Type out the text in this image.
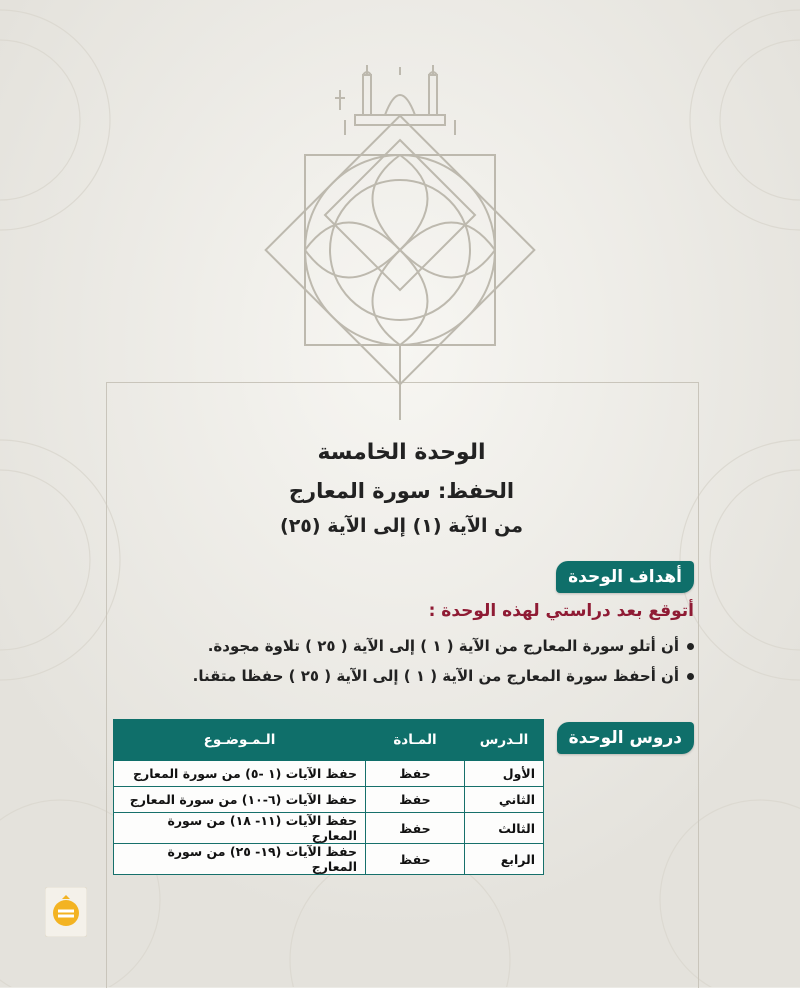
الوحدة الخامسة

الحفظ: سورة المعارج

من الآية (١) إلى الآية (٢٥)

أهداف الوحدة
أتوقع بعد دراستي لهذه الوحدة :
أن أتلو سورة المعارج من الآية ( ١ ) إلى الآية ( ٢٥ ) تلاوة مجودة.
أن أحفظ سورة المعارج من الآية ( ١ ) إلى الآية ( ٢٥ ) حفظا متقنا.
دروس الوحدة
الـدرس	المـادة	الـمـوضـوع
الأول	حفظ	حفظ الآيات (١ -٥) من سورة المعارج
الثاني	حفظ	حفظ الآيات (٦-١٠) من سورة المعارج
الثالث	حفظ	حفظ الآيات (١١- ١٨) من سورة المعارج
الرابع	حفظ	حفظ الآيات (١٩- ٢٥) من سورة المعارج
